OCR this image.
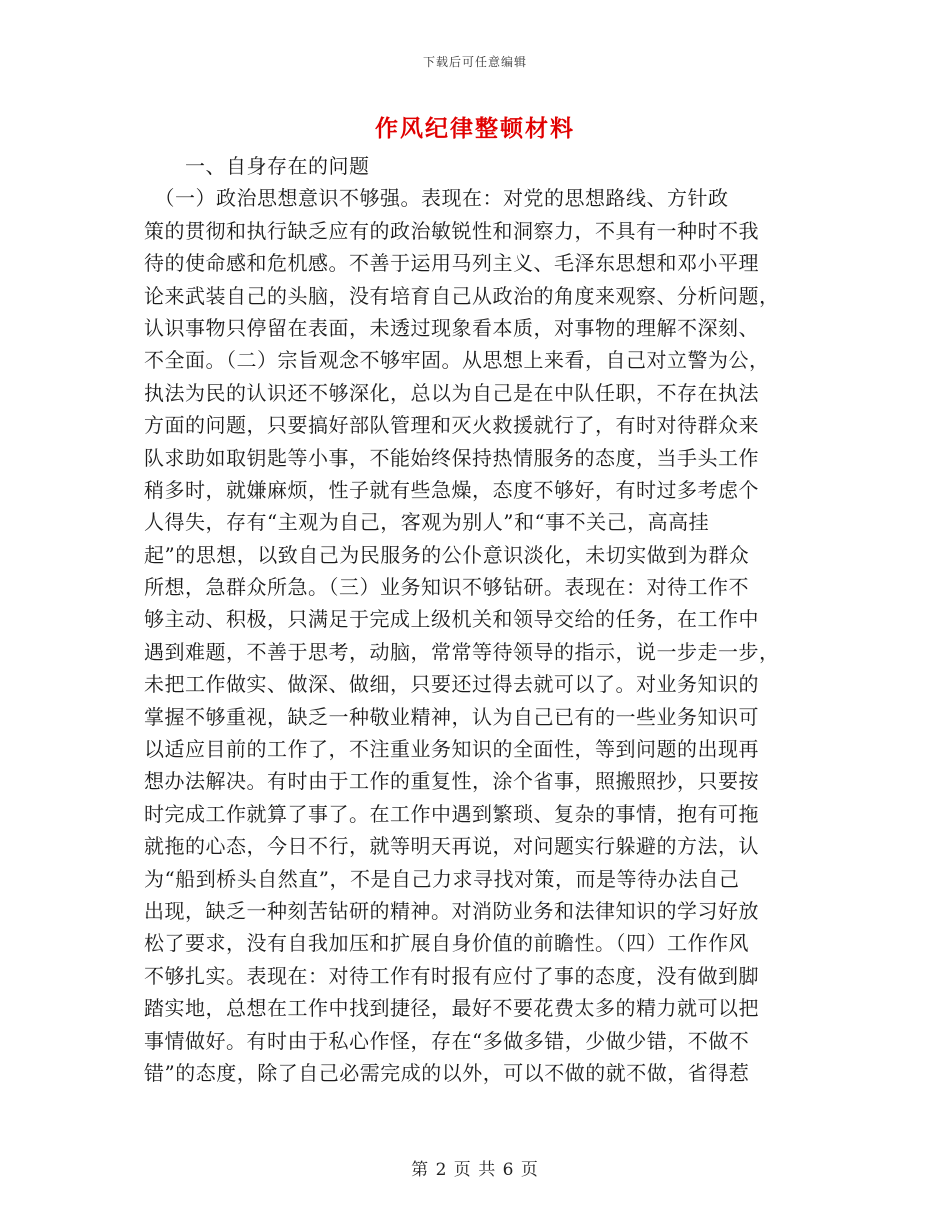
下载后可任意编辑
作风纪律整顿材料
　　一、自身存在的问题
　（一）政治思想意识不够强。表现在：对党的思想路线、方针政
策的贯彻和执行缺乏应有的政治敏锐性和洞察力，不具有一种时不我
待的使命感和危机感。不善于运用马列主义、毛泽东思想和邓小平理
论来武装自己的头脑，没有培育自己从政治的角度来观察、分析问题，
认识事物只停留在表面，未透过现象看本质，对事物的理解不深刻、
不全面。（二）宗旨观念不够牢固。从思想上来看，自己对立警为公，
执法为民的认识还不够深化，总以为自己是在中队任职，不存在执法
方面的问题，只要搞好部队管理和灭火救援就行了，有时对待群众来
队求助如取钥匙等小事，不能始终保持热情服务的态度，当手头工作
稍多时，就嫌麻烦，性子就有些急燥，态度不够好，有时过多考虑个
人得失，存有“主观为自己，客观为别人”和“事不关己，高高挂
起”的思想，以致自己为民服务的公仆意识淡化，未切实做到为群众
所想，急群众所急。（三）业务知识不够钻研。表现在：对待工作不
够主动、积极，只满足于完成上级机关和领导交给的任务，在工作中
遇到难题，不善于思考，动脑，常常等待领导的指示，说一步走一步，
未把工作做实、做深、做细，只要还过得去就可以了。对业务知识的
掌握不够重视，缺乏一种敬业精神，认为自己已有的一些业务知识可
以适应目前的工作了，不注重业务知识的全面性，等到问题的出现再
想办法解决。有时由于工作的重复性，涂个省事，照搬照抄，只要按
时完成工作就算了事了。在工作中遇到繁琐、复杂的事情，抱有可拖
就拖的心态，今日不行，就等明天再说，对问题实行躲避的方法，认
为“船到桥头自然直”，不是自己力求寻找对策，而是等待办法自己
出现，缺乏一种刻苦钻研的精神。对消防业务和法律知识的学习好放
松了要求，没有自我加压和扩展自身价值的前瞻性。（四）工作作风
不够扎实。表现在：对待工作有时报有应付了事的态度，没有做到脚
踏实地，总想在工作中找到捷径，最好不要花费太多的精力就可以把
事情做好。有时由于私心作怪，存在“多做多错，少做少错，不做不
错”的态度，除了自己必需完成的以外，可以不做的就不做，省得惹
第 2 页 共 6 页
